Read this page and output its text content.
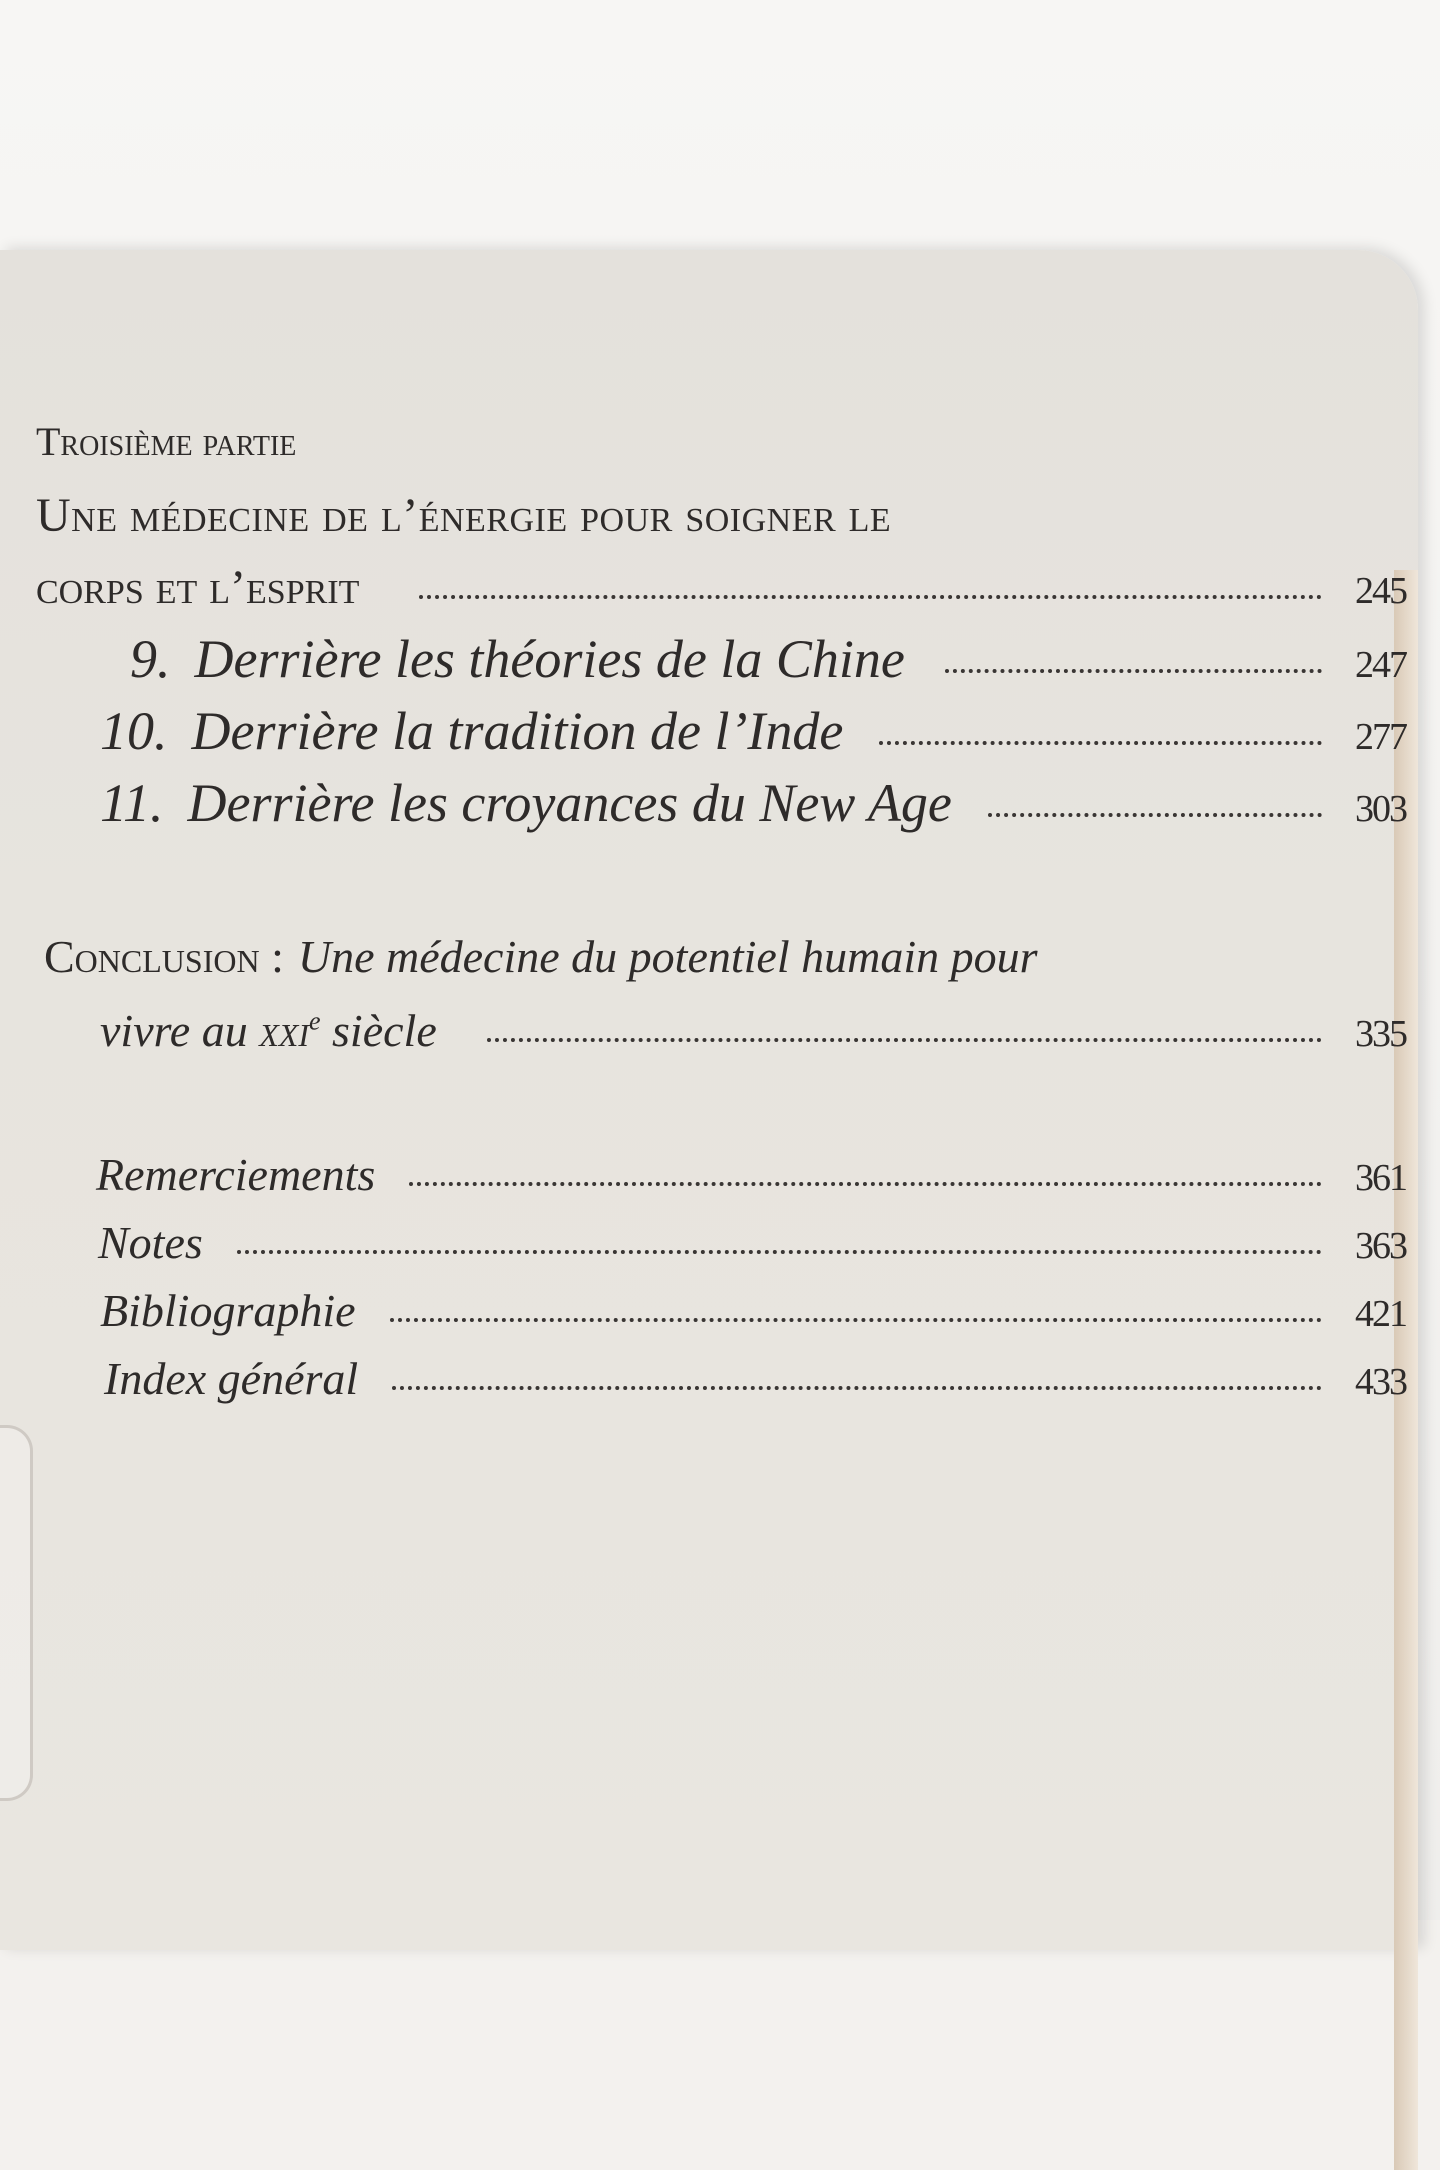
Troisième partie
Une médecine de l’énergie pour soigner le
corps et l’esprit	245
9. Derrière les théories de la Chine	247
10. Derrière la tradition de l’Inde	277
11. Derrière les croyances du New Age	303
Conclusion : Une médecine du potentiel humain pour
vivre au xxi$^e$ siècle	335
Remerciements	361
Notes	363
Bibliographie	421
Index général	433
